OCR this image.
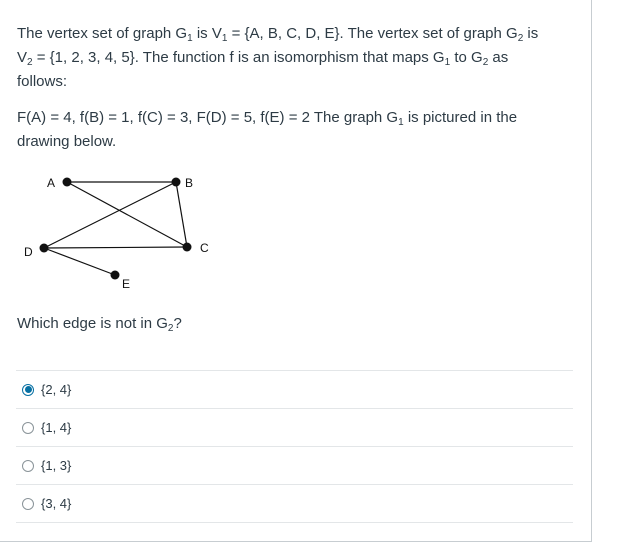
The vertex set of graph $G_1$ is $V_1 = \{A$, B, C, D, E}. The vertex set of graph $G_2$ is
$V_2 = \{1$, 2, 3, 4, 5}. The function f is an isomorphism that maps $G_1$ to $G_2$ as
follows:

F(A) = 4, f(B) = 1, f(C) = 3, F(D) = 5, f(E) = 2 The graph $G_1$ is pictured in the
drawing below.

A	B
C
D
E
Which edge is not in $G_2$?
{2, 4}
{1, 4}
{1, 3}
{3, 4}
